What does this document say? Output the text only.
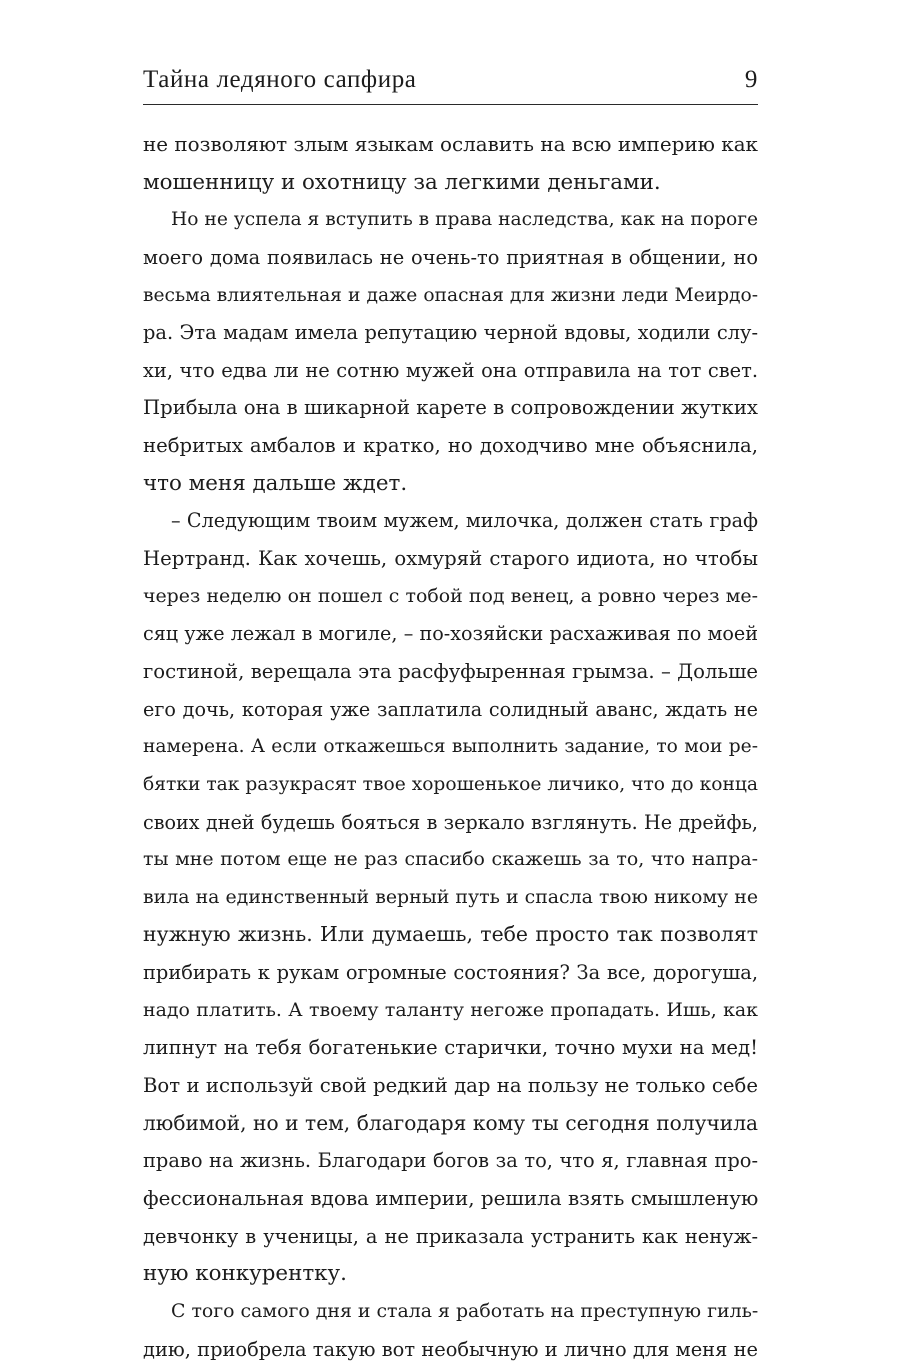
Тайна ледяного сапфира	9
не позволяют злым языкам ославить на всю империю как
мошенницу и охотницу за легкими деньгами.
Но не успела я вступить в права наследства, как на пороге
моего дома появилась не очень-то приятная в общении, но
весьма влиятельная и даже опасная для жизни леди Меирдо-
ра. Эта мадам имела репутацию черной вдовы, ходили слу-
хи, что едва ли не сотню мужей она отправила на тот свет.
Прибыла она в шикарной карете в сопровождении жутких
небритых амбалов и кратко, но доходчиво мне объяснила,
что меня дальше ждет.
– Следующим твоим мужем, милочка, должен стать граф
Нертранд. Как хочешь, охмуряй старого идиота, но чтобы
через неделю он пошел с тобой под венец, а ровно через ме-
сяц уже лежал в могиле, – по-хозяйски расхаживая по моей
гостиной, верещала эта расфуфыренная грымза. – Дольше
его дочь, которая уже заплатила солидный аванс, ждать не
намерена. А если откажешься выполнить задание, то мои ре-
бятки так разукрасят твое хорошенькое личико, что до конца
своих дней будешь бояться в зеркало взглянуть. Не дрейфь,
ты мне потом еще не раз спасибо скажешь за то, что напра-
вила на единственный верный путь и спасла твою никому не
нужную жизнь. Или думаешь, тебе просто так позволят
прибирать к рукам огромные состояния? За все, дорогуша,
надо платить. А твоему таланту негоже пропадать. Ишь, как
липнут на тебя богатенькие старички, точно мухи на мед!
Вот и используй свой редкий дар на пользу не только себе
любимой, но и тем, благодаря кому ты сегодня получила
право на жизнь. Благодари богов за то, что я, главная про-
фессиональная вдова империи, решила взять смышленую
девчонку в ученицы, а не приказала устранить как ненуж-
ную конкурентку.
С того самого дня и стала я работать на преступную гиль-
дию, приобрела такую вот необычную и лично для меня не
